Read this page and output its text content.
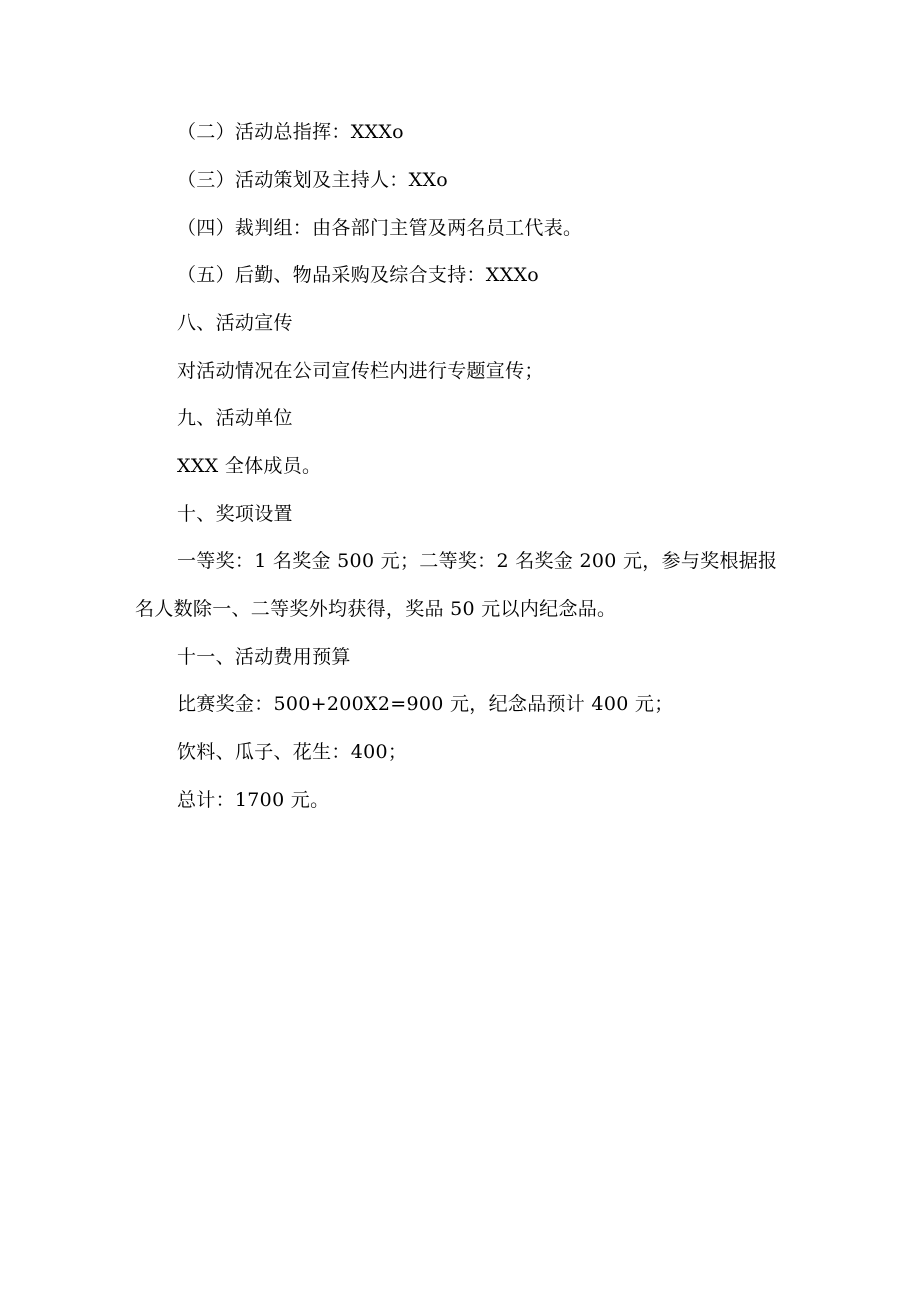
（二）活动总指挥：XXXo
（三）活动策划及主持人：XXo
（四）裁判组：由各部门主管及两名员工代表。
（五）后勤、物品采购及综合支持：XXXo
八、活动宣传
对活动情况在公司宣传栏内进行专题宣传；
九、活动单位
XXX 全体成员。
十、奖项设置
一等奖：1 名奖金 500 元；二等奖：2 名奖金 200 元，参与奖根据报
名人数除一、二等奖外均获得，奖品 50 元以内纪念品。
十一、活动费用预算
比赛奖金：500+200X2=900 元，纪念品预计 400 元；
饮料、瓜子、花生：400；
总计：1700 元。
